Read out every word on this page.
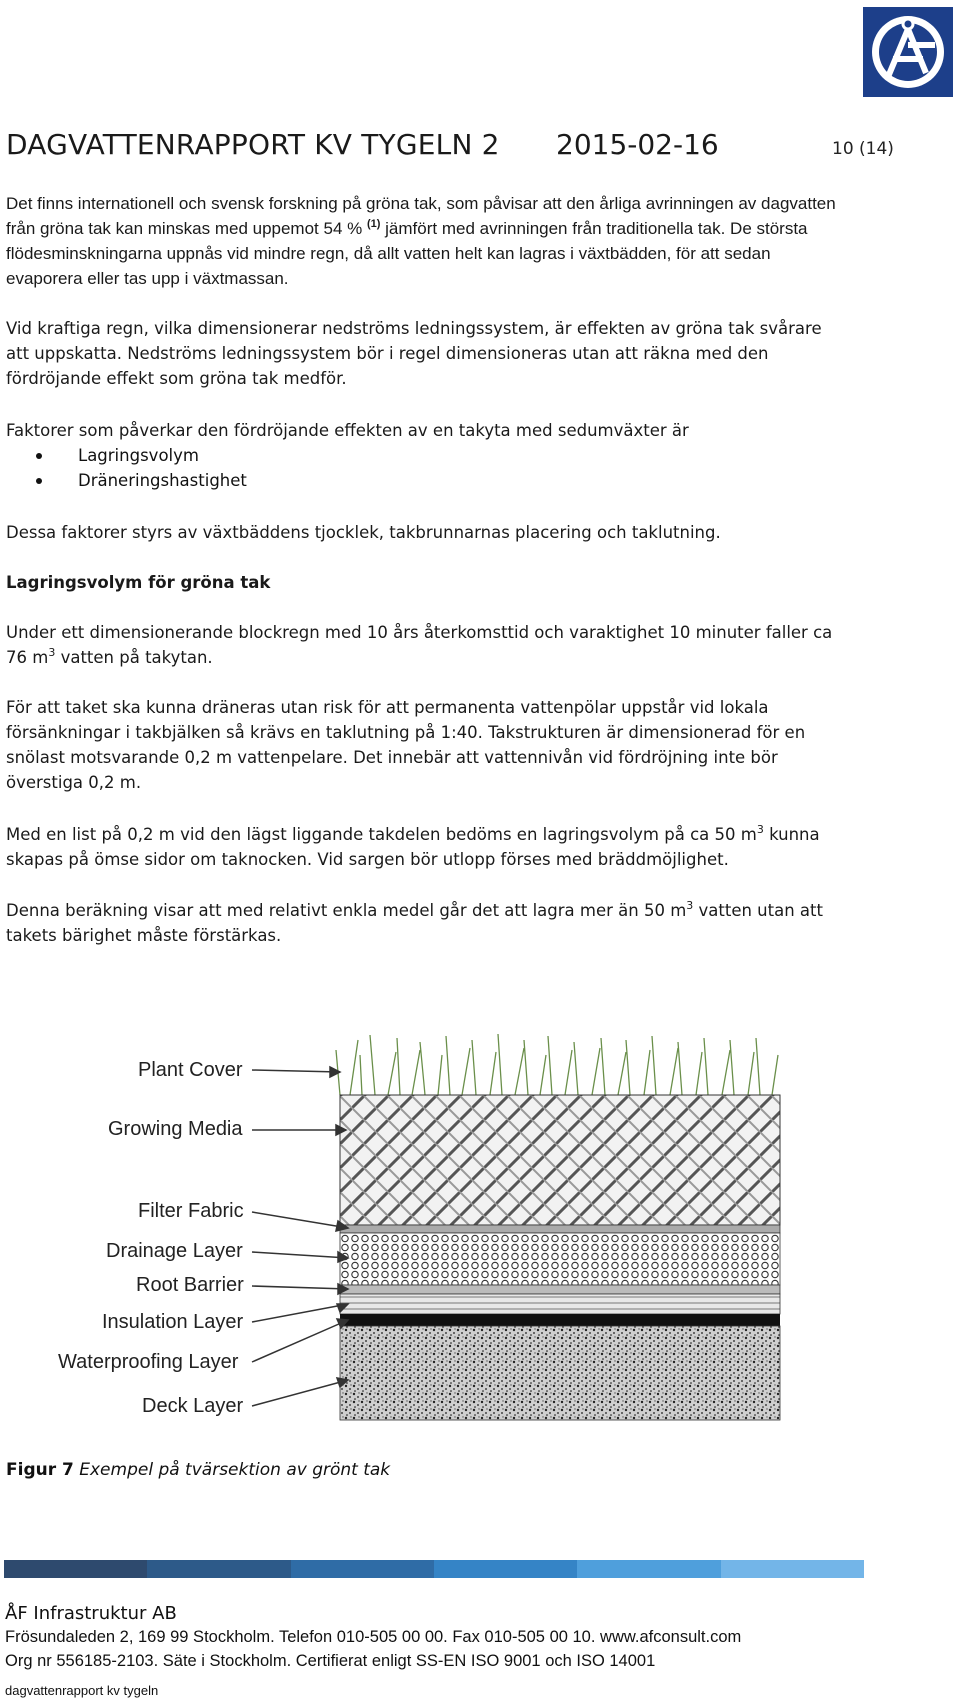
DAGVATTENRAPPORT KV TYGELN 2 2015-02-16	10 (14)

Det finns internationell och svensk forskning på gröna tak, som påvisar att den årliga avrinningen av dagvatten från gröna tak kan minskas med uppemot 54 % $^{(1)}$ jämfört med avrinningen från traditionella tak. De största flödesminskningarna uppnås vid mindre regn, då allt vatten helt kan lagras i växtbädden, för att sedan evaporera eller tas upp i växtmassan.

Vid kraftiga regn, vilka dimensionerar nedströms ledningssystem, är effekten av gröna tak svårare att uppskatta. Nedströms ledningssystem bör i regel dimensioneras utan att räkna med den fördröjande effekt som gröna tak medför.

Faktorer som påverkar den fördröjande effekten av en takyta med sedumväxter är

Lagringsvolym
Dräneringshastighet

Dessa faktorer styrs av växtbäddens tjocklek, takbrunnarnas placering och taklutning.

Lagringsvolym för gröna tak

Under ett dimensionerande blockregn med 10 års återkomsttid och varaktighet 10 minuter faller ca 76 $m^3$ vatten på takytan.

För att taket ska kunna dräneras utan risk för att permanenta vattenpölar uppstår vid lokala försänkningar i takbjälken så krävs en taklutning på 1:40. Takstrukturen är dimensionerad för en snölast motsvarande 0,2 m vattenpelare. Det innebär att vattennivån vid fördröjning inte bör överstiga 0,2 m.

Med en list på 0,2 m vid den lägst liggande takdelen bedöms en lagringsvolym på ca 50 $m^3$ kunna skapas på ömse sidor om taknocken. Vid sargen bör utlopp förses med bräddmöjlighet.

Denna beräkning visar att med relativt enkla medel går det att lagra mer än 50 $m^3$ vatten utan att takets bärighet måste förstärkas.

Plant Cover
Growing Media
Filter Fabric
Drainage Layer
Root Barrier
Insulation Layer
Waterproofing Layer
Deck Layer
Figur 7 Exempel på tvärsektion av grönt tak
ÅF Infrastruktur AB
Frösundaleden 2, 169 99 Stockholm. Telefon 010-505 00 00. Fax 010-505 00 10. www.afconsult.com
Org nr 556185-2103. Säte i Stockholm. Certifierat enligt SS-EN ISO 9001 och ISO 14001
dagvattenrapport kv tygeln
